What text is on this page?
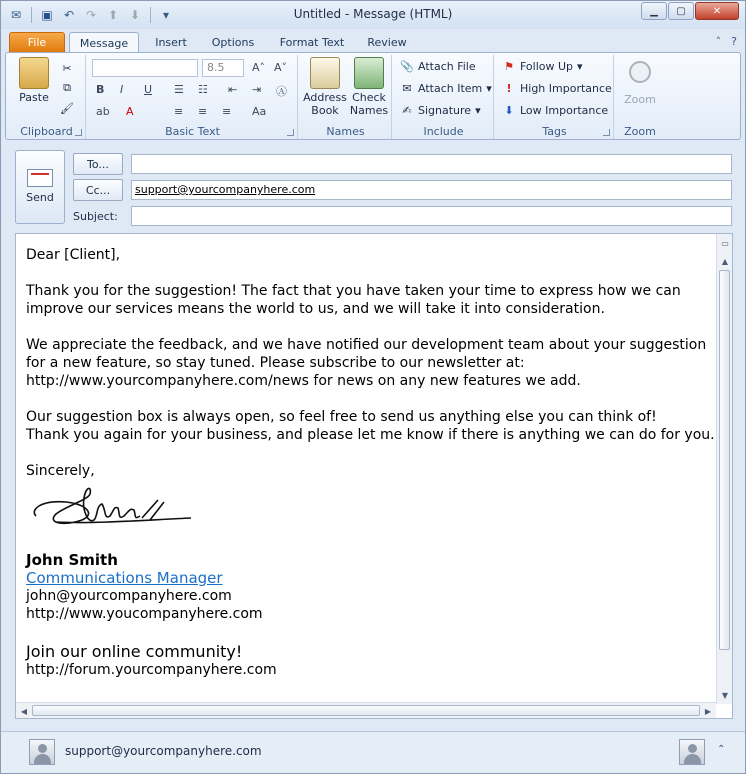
✉	▣ ↶ ↷ ⬆ ⬇	▾	Untitled - Message (HTML)	▁	▢	✕
File	Message	Insert	Options	Format Text	Review	˄ ?
Paste
✂
⧉
🖌
Clipboard
8.5	A˄ A˅
B I U ☰ ☷ ⇤ ⇥ Ⓐ
ab A	≡ ≡ ≡ Aa
Basic Text
Address
Book
Check
Names
Names
📎 Attach File
✉ Attach Item ▾
✍ Signature ▾
Include
⚑ Follow Up ▾
! High Importance
⬇ Low Importance
Tags
Zoom
Zoom
Send
To...
Cc...	support@yourcompanyhere.com
Subject:

Dear [Client],

Thank you for the suggestion! The fact that you have taken your time to express how we can improve our services means the world to us, and we will take it into consideration.

We appreciate the feedback, and we have notified our development team about your suggestion for a new feature, so stay tuned. Please subscribe to our newsletter at: http://www.yourcompanyhere.com/news for news on any new features we add.

Our suggestion box is always open, so feel free to send us anything else you can think of!
Thank you again for your business, and please let me know if there is anything we can do for you.

Sincerely,
John Smith
Communications Manager
john@yourcompanyhere.com
http://www.youcompanyhere.com
Join our online community!
http://forum.yourcompanyhere.com
▭
▲
▼
◀	▶
support@yourcompanyhere.com	⌃
